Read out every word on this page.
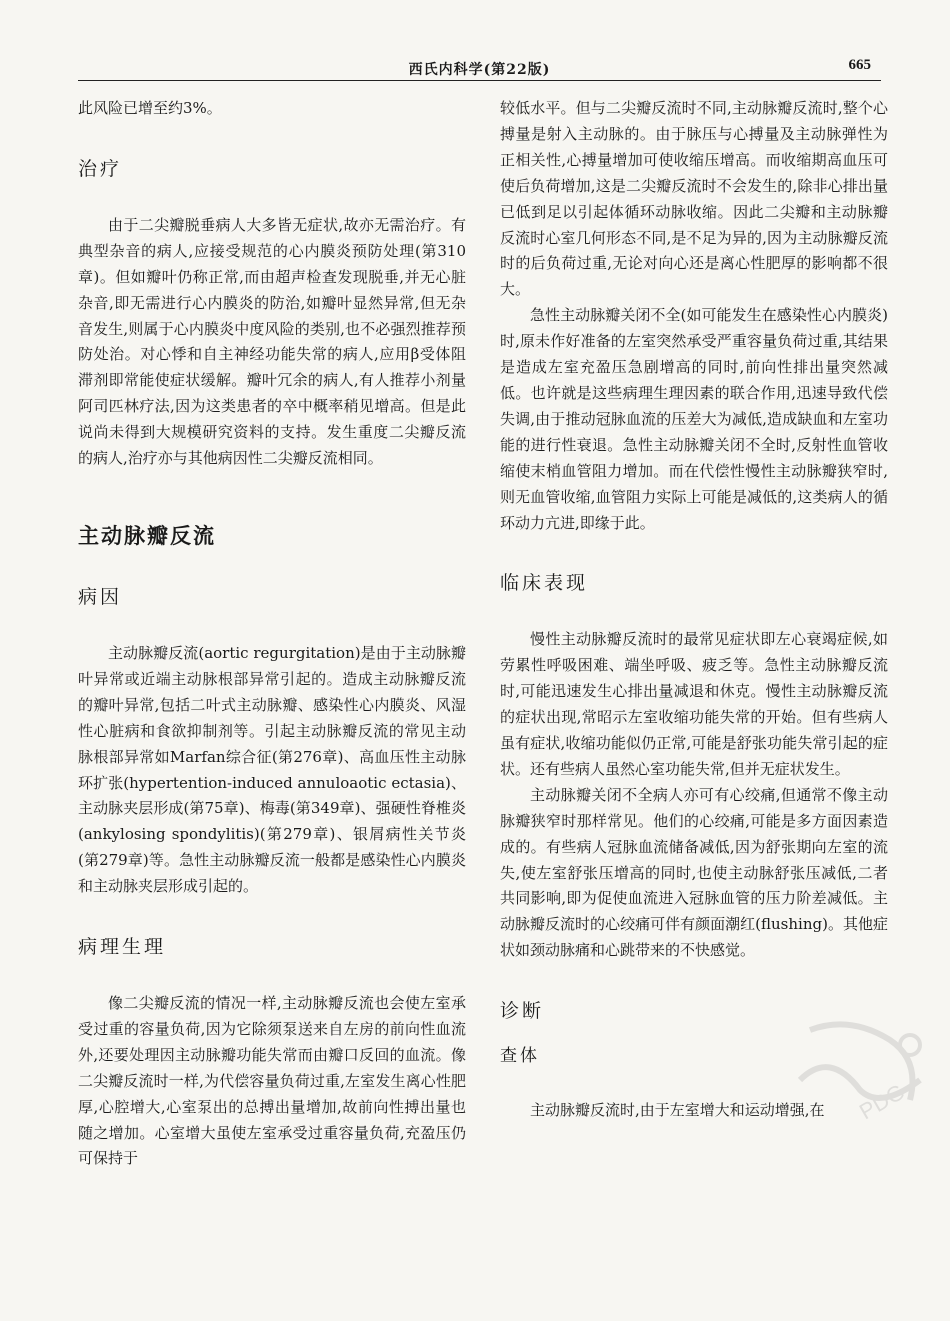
西氏内科学(第22版)	665

此风险已增至约3%。

治疗

由于二尖瓣脱垂病人大多皆无症状,故亦无需治疗。有典型杂音的病人,应接受规范的心内膜炎预防处理(第310章)。但如瓣叶仍称正常,而由超声检查发现脱垂,并无心脏杂音,即无需进行心内膜炎的防治,如瓣叶显然异常,但无杂音发生,则属于心内膜炎中度风险的类别,也不必强烈推荐预防处治。对心悸和自主神经功能失常的病人,应用β受体阻滞剂即常能使症状缓解。瓣叶冗余的病人,有人推荐小剂量阿司匹林疗法,因为这类患者的卒中概率稍见增高。但是此说尚未得到大规模研究资料的支持。发生重度二尖瓣反流的病人,治疗亦与其他病因性二尖瓣反流相同。

主动脉瓣反流
病因

主动脉瓣反流(aortic regurgitation)是由于主动脉瓣叶异常或近端主动脉根部异常引起的。造成主动脉瓣反流的瓣叶异常,包括二叶式主动脉瓣、感染性心内膜炎、风湿性心脏病和食欲抑制剂等。引起主动脉瓣反流的常见主动脉根部异常如Marfan综合征(第276章)、高血压性主动脉环扩张(hypertention-induced annuloaotic ectasia)、主动脉夹层形成(第75章)、梅毒(第349章)、强硬性脊椎炎(ankylosing spondylitis)(第279章)、银屑病性关节炎(第279章)等。急性主动脉瓣反流一般都是感染性心内膜炎和主动脉夹层形成引起的。

病理生理

像二尖瓣反流的情况一样,主动脉瓣反流也会使左室承受过重的容量负荷,因为它除须泵送来自左房的前向性血流外,还要处理因主动脉瓣功能失常而由瓣口反回的血流。像二尖瓣反流时一样,为代偿容量负荷过重,左室发生离心性肥厚,心腔增大,心室泵出的总搏出量增加,故前向性搏出量也随之增加。心室增大虽使左室承受过重容量负荷,充盈压仍可保持于

较低水平。但与二尖瓣反流时不同,主动脉瓣反流时,整个心搏量是射入主动脉的。由于脉压与心搏量及主动脉弹性为正相关性,心搏量增加可使收缩压增高。而收缩期高血压可使后负荷增加,这是二尖瓣反流时不会发生的,除非心排出量已低到足以引起体循环动脉收缩。因此二尖瓣和主动脉瓣反流时心室几何形态不同,是不足为异的,因为主动脉瓣反流时的后负荷过重,无论对向心还是离心性肥厚的影响都不很大。

急性主动脉瓣关闭不全(如可能发生在感染性心内膜炎)时,原未作好准备的左室突然承受严重容量负荷过重,其结果是造成左室充盈压急剧增高的同时,前向性排出量突然减低。也许就是这些病理生理因素的联合作用,迅速导致代偿失调,由于推动冠脉血流的压差大为减低,造成缺血和左室功能的进行性衰退。急性主动脉瓣关闭不全时,反射性血管收缩使末梢血管阻力增加。而在代偿性慢性主动脉瓣狭窄时,则无血管收缩,血管阻力实际上可能是减低的,这类病人的循环动力亢进,即缘于此。

临床表现

慢性主动脉瓣反流时的最常见症状即左心衰竭症候,如劳累性呼吸困难、端坐呼吸、疲乏等。急性主动脉瓣反流时,可能迅速发生心排出量减退和休克。慢性主动脉瓣反流的症状出现,常昭示左室收缩功能失常的开始。但有些病人虽有症状,收缩功能似仍正常,可能是舒张功能失常引起的症状。还有些病人虽然心室功能失常,但并无症状发生。

主动脉瓣关闭不全病人亦可有心绞痛,但通常不像主动脉瓣狭窄时那样常见。他们的心绞痛,可能是多方面因素造成的。有些病人冠脉血流储备减低,因为舒张期向左室的流失,使左室舒张压增高的同时,也使主动脉舒张压减低,二者共同影响,即为促使血流进入冠脉血管的压力阶差减低。主动脉瓣反流时的心绞痛可伴有颜面潮红(flushing)。其他症状如颈动脉痛和心跳带来的不快感觉。

诊断
查体

主动脉瓣反流时,由于左室增大和运动增强,在	PDG
